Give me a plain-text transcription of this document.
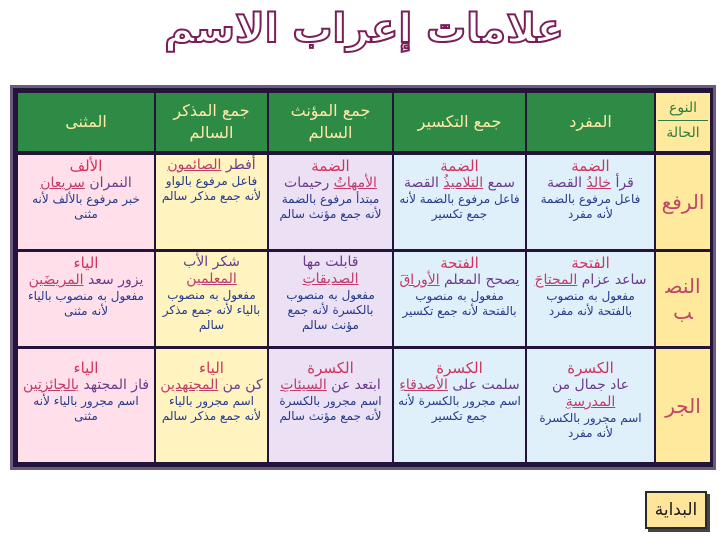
علامات إعراب الاسم
النوع
الحالة
المفرد
جمع التكسير
جمع المؤنث السالم
جمع المذكر السالم
المثنى
الرفع
النصب
الجر
الضمة
قرأ خالدُ القصة
فاعل مرفوع بالضمة لأنه مفرد
الضمة
سمع التلاميذُ القصة
فاعل مرفوع بالضمة لأنه جمع تكسير
الضمة
الأمهاتُ رحيمات
مبتدأ مرفوع بالضمة لأنه جمع مؤنث سالم
أفطر الصائمون
فاعل مرفوع بالواو لأنه جمع مذكر سالم
الألف
النمران سريعان
خبر مرفوع بالألف لأنه مثنى
الفتحة
ساعد عزام المحتاجَ
مفعول به منصوب بالفتحة لأنه مفرد
الفتحة
يصحح المعلم الأوراقَ
مفعول به منصوب بالفتحة لأنه جمع تكسير
قابلت مها الصديقاتِ
مفعول به منصوب بالكسرة لأنه جمع مؤنث سالم
شكر الأب المعلمين
مفعول به منصوب بالياء لأنه جمع مذكر سالم
الياء
يزور سعد المريضَين
مفعول به منصوب بالياء لأنه مثنى
الكسرة
عاد جمال من المدرسةِ
اسم مجرور بالكسرة لأنه مفرد
الكسرة
سلمت على الأصدقاءِ
اسم مجرور بالكسرة لأنه جمع تكسير
الكسرة
ابتعد عن السيئاتِ
اسم مجرور بالكسرة لأنه جمع مؤنث سالم
الياء
كن من المجتهدين
اسم مجرور بالياء لأنه جمع مذكر سالم
الياء
فاز المجتهد بالجائزتين
اسم مجرور بالياء لأنه مثنى
البداية
